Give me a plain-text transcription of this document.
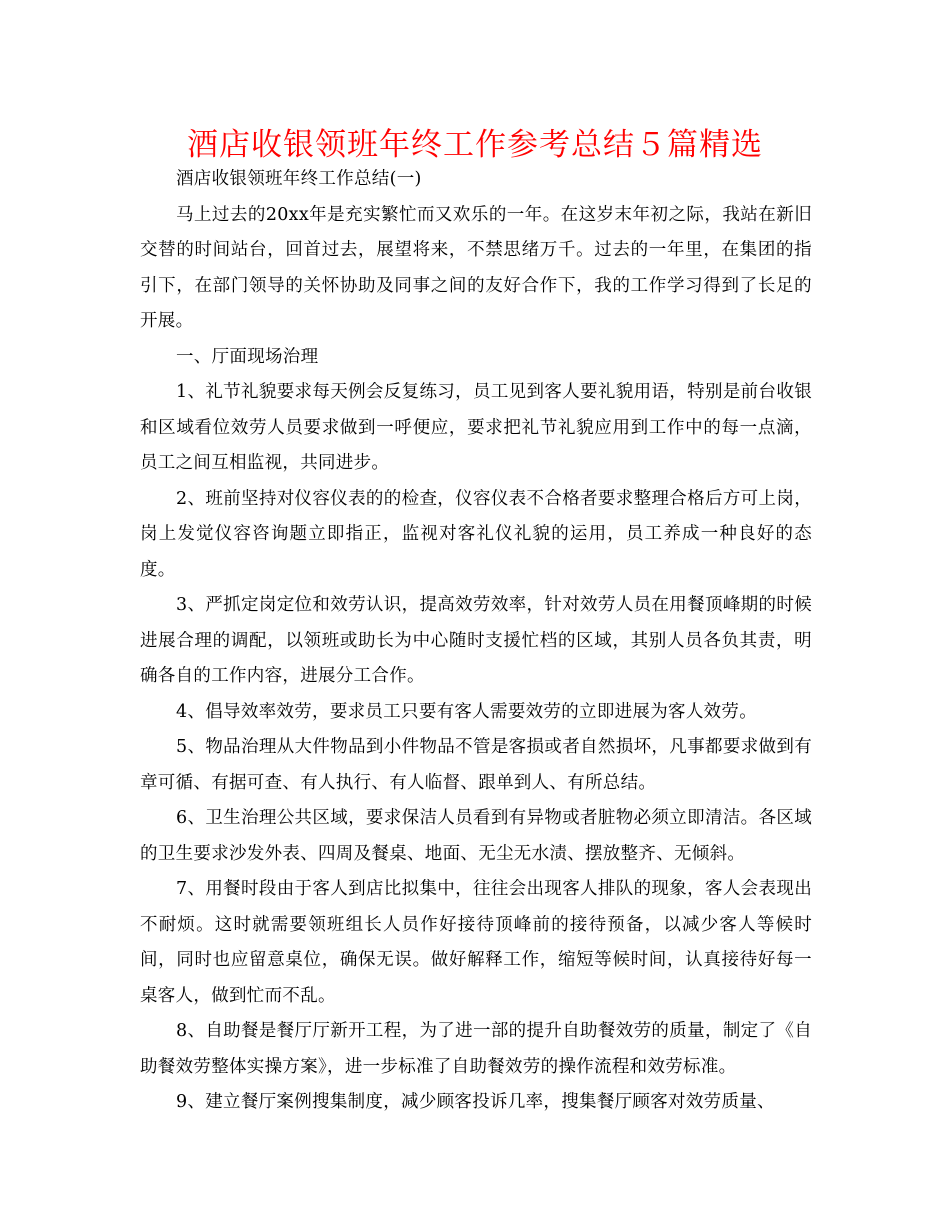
酒店收银领班年终工作参考总结５篇精选

酒店收银领班年终工作总结(一)

马上过去的20xx年是充实繁忙而又欢乐的一年。在这岁末年初之际，我站在新旧交替的时间站台，回首过去，展望将来，不禁思绪万千。过去的一年里，在集团的指引下，在部门领导的关怀协助及同事之间的友好合作下，我的工作学习得到了长足的开展。

一、厅面现场治理

1、礼节礼貌要求每天例会反复练习，员工见到客人要礼貌用语，特别是前台收银和区域看位效劳人员要求做到一呼便应，要求把礼节礼貌应用到工作中的每一点滴，员工之间互相监视，共同进步。

2、班前坚持对仪容仪表的的检查，仪容仪表不合格者要求整理合格后方可上岗，岗上发觉仪容咨询题立即指正，监视对客礼仪礼貌的运用，员工养成一种良好的态度。

3、严抓定岗定位和效劳认识，提高效劳效率，针对效劳人员在用餐顶峰期的时候进展合理的调配，以领班或助长为中心随时支援忙档的区域，其别人员各负其责，明确各自的工作内容，进展分工合作。

4、倡导效率效劳，要求员工只要有客人需要效劳的立即进展为客人效劳。

5、物品治理从大件物品到小件物品不管是客损或者自然损坏，凡事都要求做到有章可循、有据可查、有人执行、有人临督、跟单到人、有所总结。

6、卫生治理公共区域，要求保洁人员看到有异物或者脏物必须立即清洁。各区域的卫生要求沙发外表、四周及餐桌、地面、无尘无水渍、摆放整齐、无倾斜。

7、用餐时段由于客人到店比拟集中，往往会出现客人排队的现象，客人会表现出不耐烦。这时就需要领班组长人员作好接待顶峰前的接待预备，以减少客人等候时间，同时也应留意桌位，确保无误。做好解释工作，缩短等候时间，认真接待好每一桌客人，做到忙而不乱。

8、自助餐是餐厅厅新开工程，为了进一部的提升自助餐效劳的质量，制定了《自助餐效劳整体实操方案》，进一步标准了自助餐效劳的操作流程和效劳标准。

9、建立餐厅案例搜集制度，减少顾客投诉几率，搜集餐厅顾客对效劳质量、
